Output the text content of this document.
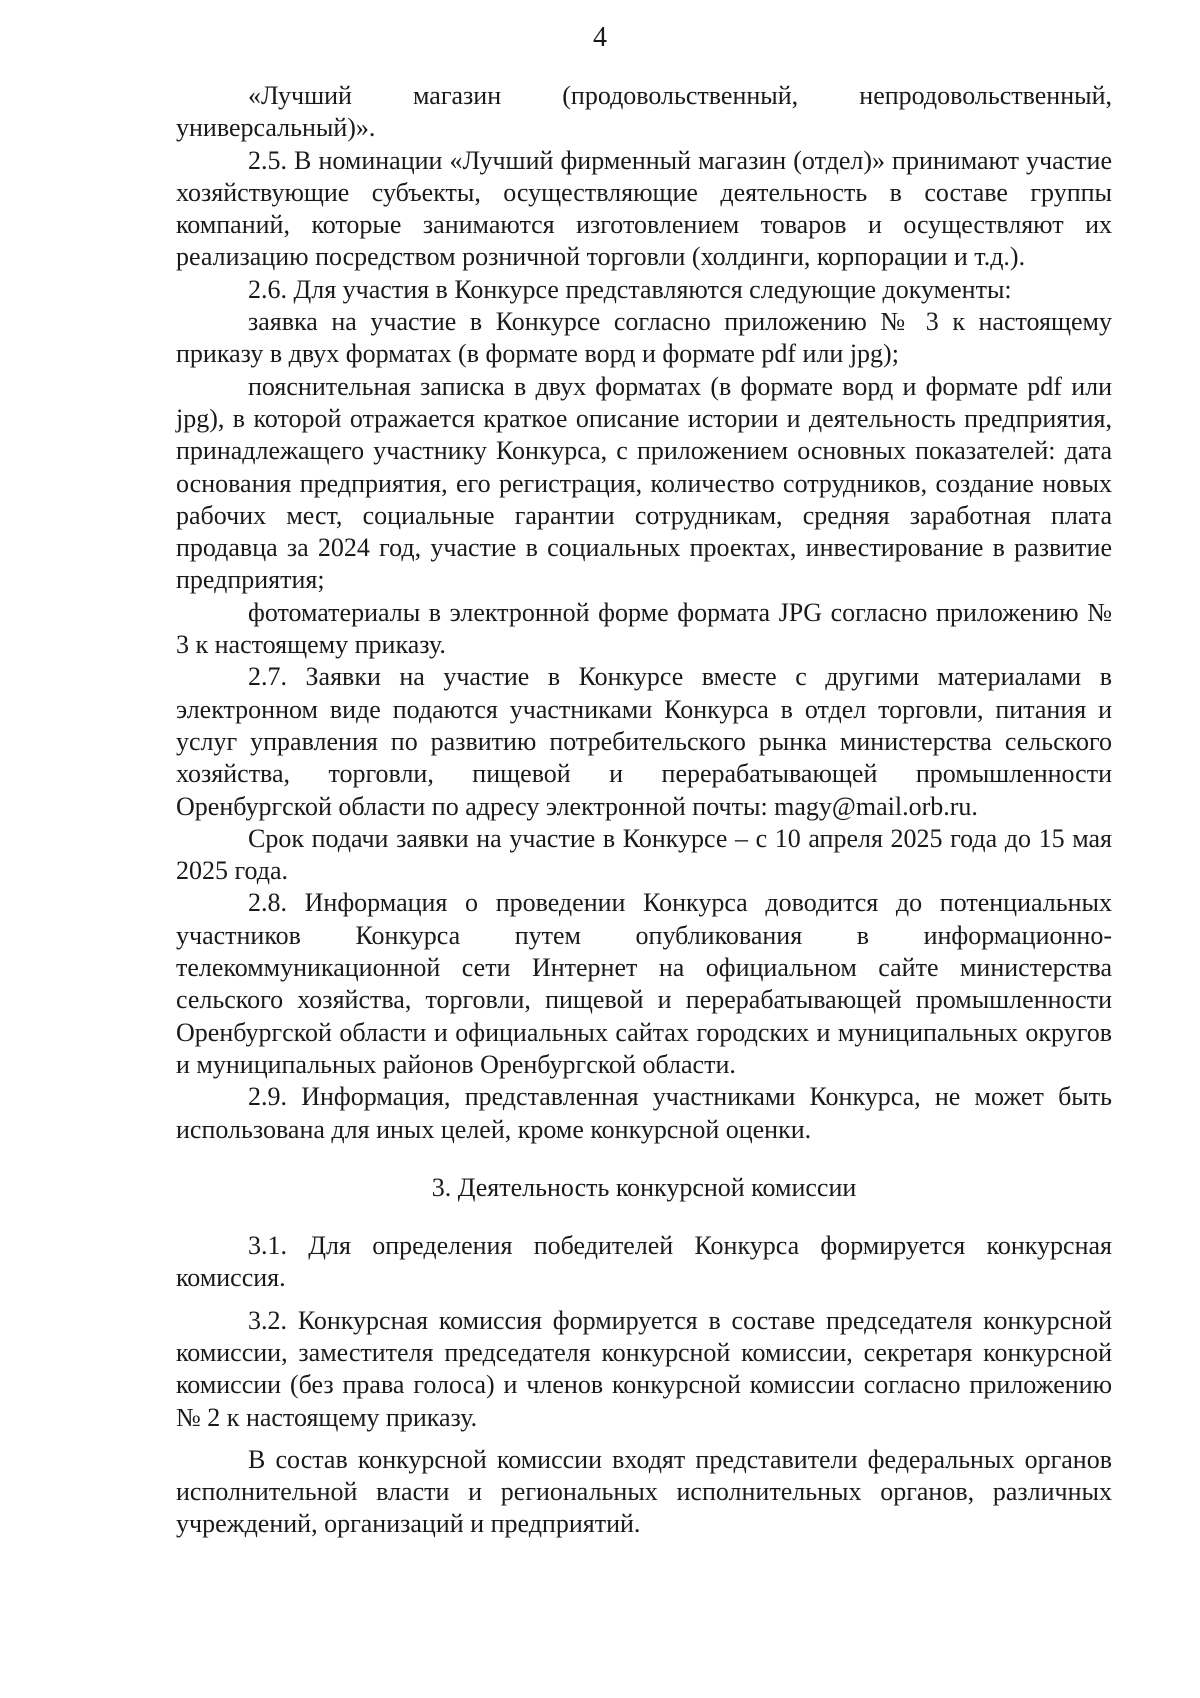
4

«Лучший магазин (продовольственный, непродовольственный, универсальный)».

2.5. В номинации «Лучший фирменный магазин (отдел)» принимают участие хозяйствующие субъекты, осуществляющие деятельность в составе группы компаний, которые занимаются изготовлением товаров и осуществляют их реализацию посредством розничной торговли (холдинги, корпорации и т.д.).

2.6. Для участия в Конкурсе представляются следующие документы:

заявка на участие в Конкурсе согласно приложению № 3 к настоящему приказу в двух форматах (в формате ворд и формате pdf или jpg);

пояснительная записка в двух форматах (в формате ворд и формате pdf или jpg), в которой отражается краткое описание истории и деятельность предприятия, принадлежащего участнику Конкурса, с приложением основных показателей: дата основания предприятия, его регистрация, количество сотрудников, создание новых рабочих мест, социальные гарантии сотрудникам, средняя заработная плата продавца за 2024 год, участие в социальных проектах, инвестирование в развитие предприятия;

фотоматериалы в электронной форме формата JPG согласно приложению № 3 к настоящему приказу.

2.7. Заявки на участие в Конкурсе вместе с другими материалами в электронном виде подаются участниками Конкурса в отдел торговли, питания и услуг управления по развитию потребительского рынка министерства сельского хозяйства, торговли, пищевой и перерабатывающей промышленности Оренбургской области по адресу электронной почты: magy@mail.orb.ru.

Срок подачи заявки на участие в Конкурсе – с 10 апреля 2025 года до 15 мая 2025 года.

2.8. Информация о проведении Конкурса доводится до потенциальных участников Конкурса путем опубликования в информационно-телекоммуникационной сети Интернет на официальном сайте министерства сельского хозяйства, торговли, пищевой и перерабатывающей промышленности Оренбургской области и официальных сайтах городских и муниципальных округов и муниципальных районов Оренбургской области.

2.9. Информация, представленная участниками Конкурса, не может быть использована для иных целей, кроме конкурсной оценки.

3. Деятельность конкурсной комиссии

3.1. Для определения победителей Конкурса формируется конкурсная комиссия.

3.2. Конкурсная комиссия формируется в составе председателя конкурсной комиссии, заместителя председателя конкурсной комиссии, секретаря конкурсной комиссии (без права голоса) и членов конкурсной комиссии согласно приложению № 2 к настоящему приказу.

В состав конкурсной комиссии входят представители федеральных органов исполнительной власти и региональных исполнительных органов, различных учреждений, организаций и предприятий.
